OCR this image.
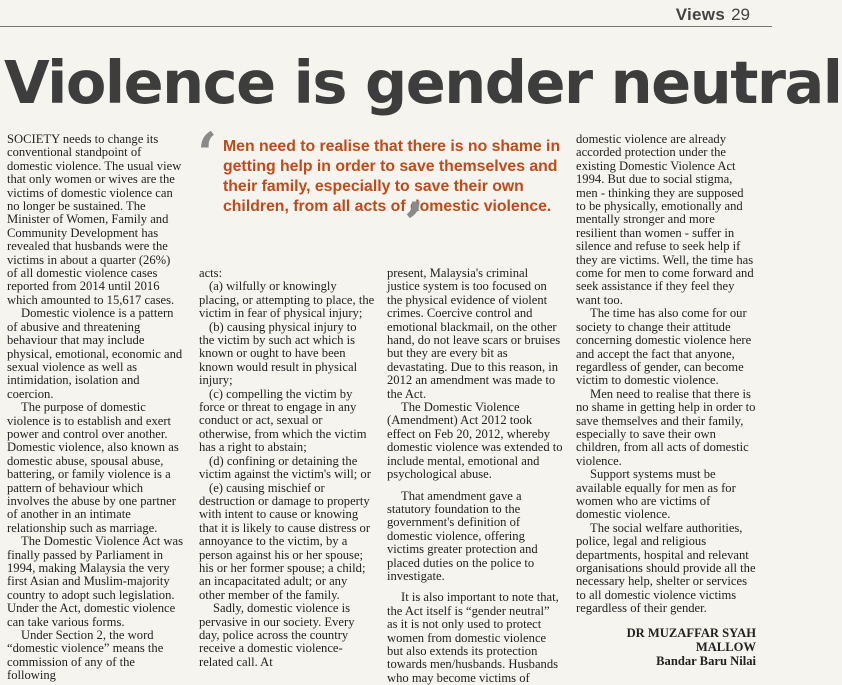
Views 29
Violence is gender neutral
‘ Men need to realise that there is no shame in getting help in order to save themselves and their family, especially to save their own children, from all acts of domestic violence.
’

SOCIETY needs to change its conventional standpoint of domestic violence. The usual view that only women or wives are the victims of domestic violence can no longer be sustained. The Minister of Women, Family and Community Development has revealed that husbands were the victims in about a quarter (26%) of all domestic violence cases reported from 2014 until 2016 which amounted to 15,617 cases.

Domestic violence is a pattern of abusive and threatening behaviour that may include physical, emotional, economic and sexual violence as well as intimidation, isolation and coercion.

The purpose of domestic violence is to establish and exert power and control over another. Domestic violence, also known as domestic abuse, spousal abuse, battering, or family violence is a pattern of behaviour which involves the abuse by one partner of another in an intimate relationship such as marriage.

The Domestic Violence Act was finally passed by Parliament in 1994, making Malaysia the very first Asian and Muslim-majority country to adopt such legislation. Under the Act, domestic violence can take various forms.

Under Section 2, the word “domestic violence” means the commission of any of the following

acts:

(a) wilfully or knowingly placing, or attempting to place, the victim in fear of physical injury;

(b) causing physical injury to the victim by such act which is known or ought to have been known would result in physical injury;

(c) compelling the victim by force or threat to engage in any conduct or act, sexual or otherwise, from which the victim has a right to abstain;

(d) confining or detaining the victim against the victim's will; or

(e) causing mischief or destruction or damage to property with intent to cause or knowing that it is likely to cause distress or annoyance to the victim, by a person against his or her spouse; his or her former spouse; a child; an incapacitated adult; or any other member of the family.

Sadly, domestic violence is pervasive in our society. Every day, police across the country receive a domestic violence-related call. At

present, Malaysia's criminal justice system is too focused on the physical evidence of violent crimes. Coercive control and emotional blackmail, on the other hand, do not leave scars or bruises but they are every bit as devastating. Due to this reason, in 2012 an amendment was made to the Act.

The Domestic Violence (Amendment) Act 2012 took effect on Feb 20, 2012, whereby domestic violence was extended to include mental, emotional and psychological abuse.

That amendment gave a statutory foundation to the government's definition of domestic violence, offering victims greater protection and placed duties on the police to investigate.

It is also important to note that, the Act itself is “gender neutral” as it is not only used to protect women from domestic violence but also extends its protection towards men/husbands. Husbands who may become victims of

domestic violence are already accorded protection under the existing Domestic Violence Act 1994. But due to social stigma, men - thinking they are supposed to be physically, emotionally and mentally stronger and more resilient than women - suffer in silence and refuse to seek help if they are victims. Well, the time has come for men to come forward and seek assistance if they feel they want too.

The time has also come for our society to change their attitude concerning domestic violence here and accept the fact that anyone, regardless of gender, can become victim to domestic violence.

Men need to realise that there is no shame in getting help in order to save themselves and their family, especially to save their own children, from all acts of domestic violence.

Support systems must be available equally for men as for women who are victims of domestic violence.

The social welfare authorities, police, legal and religious departments, hospital and relevant organisations should provide all the necessary help, shelter or services to all domestic violence victims regardless of their gender.

DR MUZAFFAR SYAH MALLOW
Bandar Baru Nilai
